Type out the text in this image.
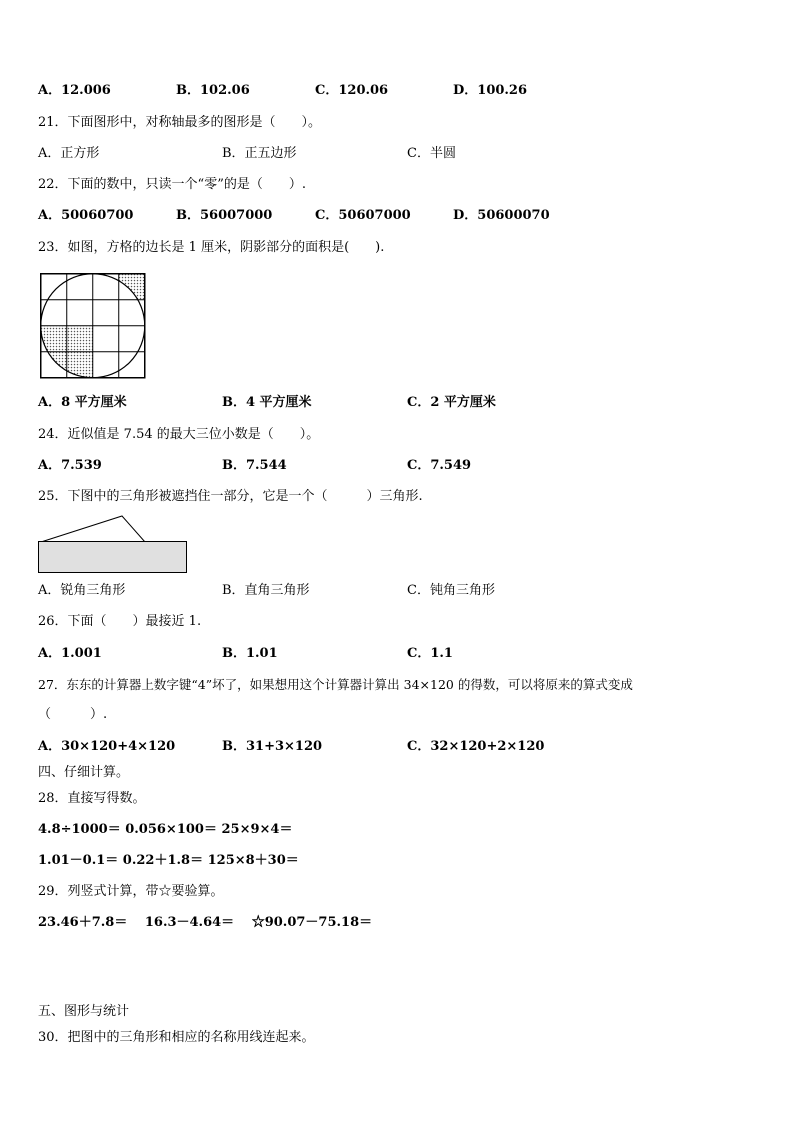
A．12.006	B．102.06	C．120.06	D．100.26
21．下面图形中，对称轴最多的图形是（　　）。
A．正方形	B．正五边形	C．半圆
22．下面的数中，只读一个“零”的是（　　）.
A．50060700	B．56007000	C．50607000	D．50600070
23．如图，方格的边长是 1 厘米，阴影部分的面积是(　　).
A．8 平方厘米	B．4 平方厘米	C．2 平方厘米
24．近似值是 7.54 的最大三位小数是（　　）。
A．7.539	B．7.544	C．7.549
25．下图中的三角形被遮挡住一部分，它是一个（　　　）三角形.
A．锐角三角形	B．直角三角形	C．钝角三角形
26．下面（　　）最接近 1.
A．1.001	B．1.01	C．1.1
27．东东的计算器上数字键“4”坏了，如果想用这个计算器计算出 34×120 的得数，可以将原来的算式变成
（　　　）.
A．30×120+4×120	B．31+3×120	C．32×120+2×120
四、仔细计算。
28．直接写得数。
4.8÷1000＝ 0.056×100＝ 25×9×4＝
1.01－0.1＝ 0.22＋1.8＝ 125×8＋30＝
29．列竖式计算，带☆要验算。
23.46＋7.8＝　 16.3－4.64＝　 ☆90.07－75.18＝
五、图形与统计
30．把图中的三角形和相应的名称用线连起来。
